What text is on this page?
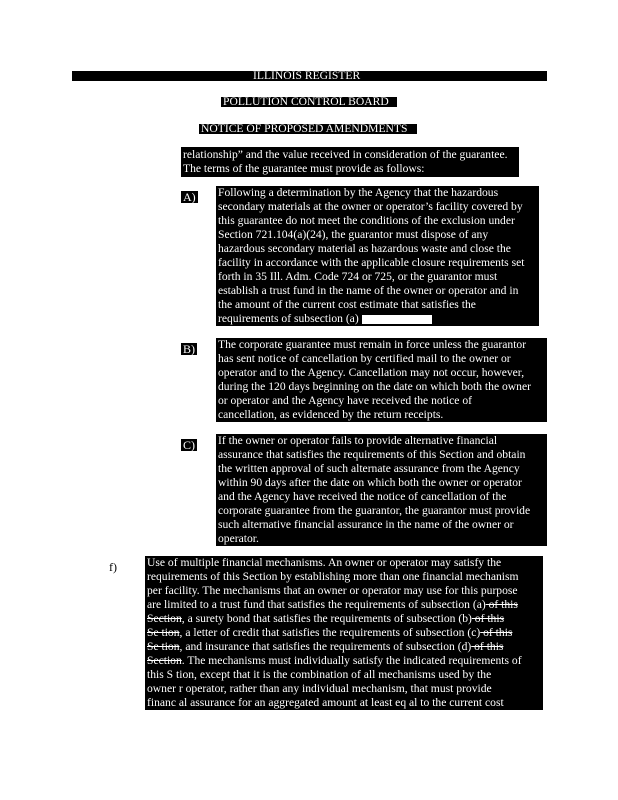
ILLINOIS REGISTER
POLLUTION CONTROL BOARD
NOTICE OF PROPOSED AMENDMENTS
relationship” and the value received in consideration of the guarantee.
The terms of the guarantee must provide as follows:
A) Following a determination by the Agency that the hazardous
secondary materials at the owner or operator’s facility covered by
this guarantee do not meet the conditions of the exclusion under
Section 721.104(a)(24), the guarantor must dispose of any
hazardous secondary material as hazardous waste and close the
facility in accordance with the applicable closure requirements set
forth in 35 Ill. Adm. Code 724 or 725, or the guarantor must
establish a trust fund in the name of the owner or operator and in
the amount of the current cost estimate that satisfies the
requirements of subsection (a)
B) The corporate guarantee must remain in force unless the guarantor
has sent notice of cancellation by certified mail to the owner or
operator and to the Agency. Cancellation may not occur, however,
during the 120 days beginning on the date on which both the owner
or operator and the Agency have received the notice of
cancellation, as evidenced by the return receipts.
C) If the owner or operator fails to provide alternative financial
assurance that satisfies the requirements of this Section and obtain
the written approval of such alternate assurance from the Agency
within 90 days after the date on which both the owner or operator
and the Agency have received the notice of cancellation of the
corporate guarantee from the guarantor, the guarantor must provide
such alternative financial assurance in the name of the owner or
operator.
f)	Use of multiple financial mechanisms. An owner or operator may satisfy the
requirements of this Section by establishing more than one financial mechanism
per facility. The mechanisms that an owner or operator may use for this purpose
are limited to a trust fund that satisfies the requirements of subsection (a) of this
Section, a surety bond that satisfies the requirements of subsection (b) of this
Se tion, a letter of credit that satisfies the requirements of subsection (c) of this
Se tion, and insurance that satisfies the requirements of subsection (d) of this
Section. The mechanisms must individually satisfy the indicated requirements of
this S tion, except that it is the combination of all mechanisms used by the
owner r operator, rather than any individual mechanism, that must provide
financ al assurance for an aggregated amount at least eq al to the current cost
